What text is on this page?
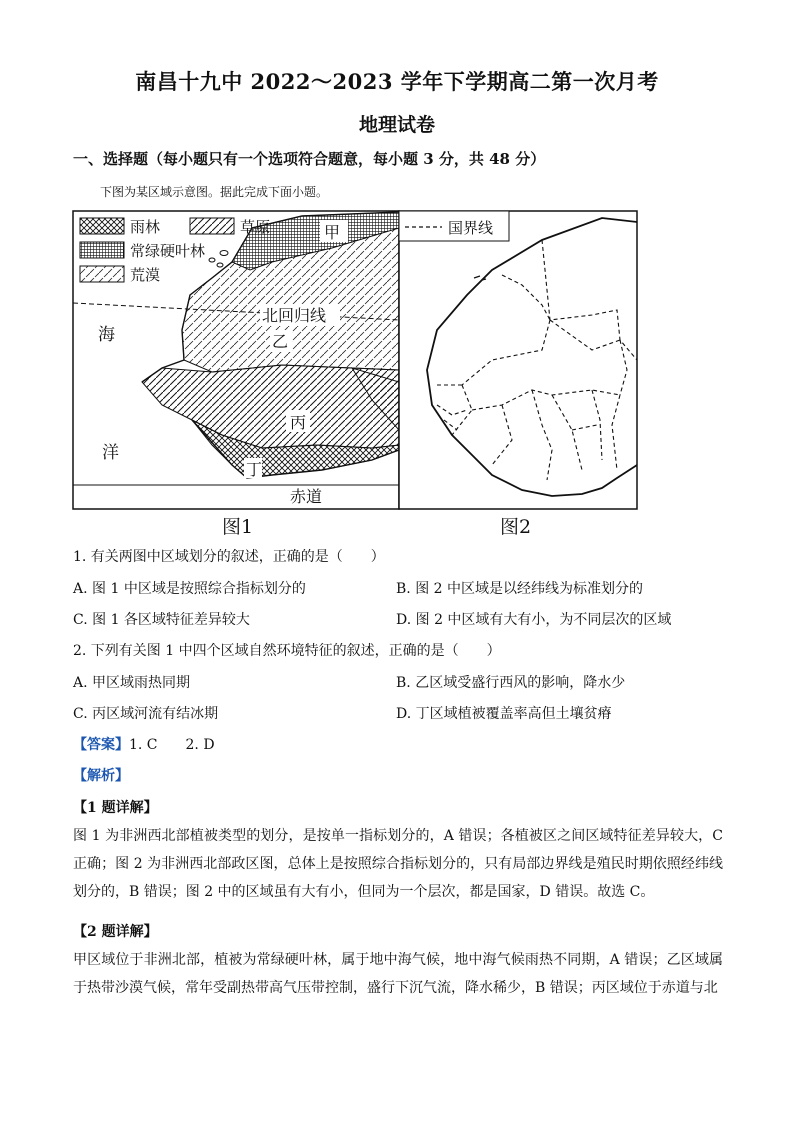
南昌十九中 2022～2023 学年下学期高二第一次月考
地理试卷
一、选择题（每小题只有一个选项符合题意，每小题 3 分，共 48 分）
下图为某区域示意图。据此完成下面小题。
雨林	草原
常绿硬叶林
荒漠
甲
北回归线
乙
丙
丁
海
洋
赤道
国界线
图1	图2
1. 有关两图中区域划分的叙述，正确的是（　　）
A. 图 1 中区域是按照综合指标划分的	B. 图 2 中区域是以经纬线为标准划分的
C. 图 1 各区域特征差异较大	D. 图 2 中区域有大有小，为不同层次的区域
2. 下列有关图 1 中四个区域自然环境特征的叙述，正确的是（　　）
A. 甲区域雨热同期	B. 乙区域受盛行西风的影响，降水少
C. 丙区域河流有结冰期	D. 丁区域植被覆盖率高但土壤贫瘠
【答案】1. C　　2. D
【解析】
【1 题详解】
图 1 为非洲西北部植被类型的划分，是按单一指标划分的，A 错误；各植被区之间区域特征差异较大，C 正确；图 2 为非洲西北部政区图，总体上是按照综合指标划分的，只有局部边界线是殖民时期依照经纬线划分的，B 错误；图 2 中的区域虽有大有小，但同为一个层次，都是国家，D 错误。故选 C。
【2 题详解】
甲区域位于非洲北部，植被为常绿硬叶林，属于地中海气候，地中海气候雨热不同期，A 错误；乙区域属于热带沙漠气候，常年受副热带高气压带控制，盛行下沉气流，降水稀少，B 错误；丙区域位于赤道与北
